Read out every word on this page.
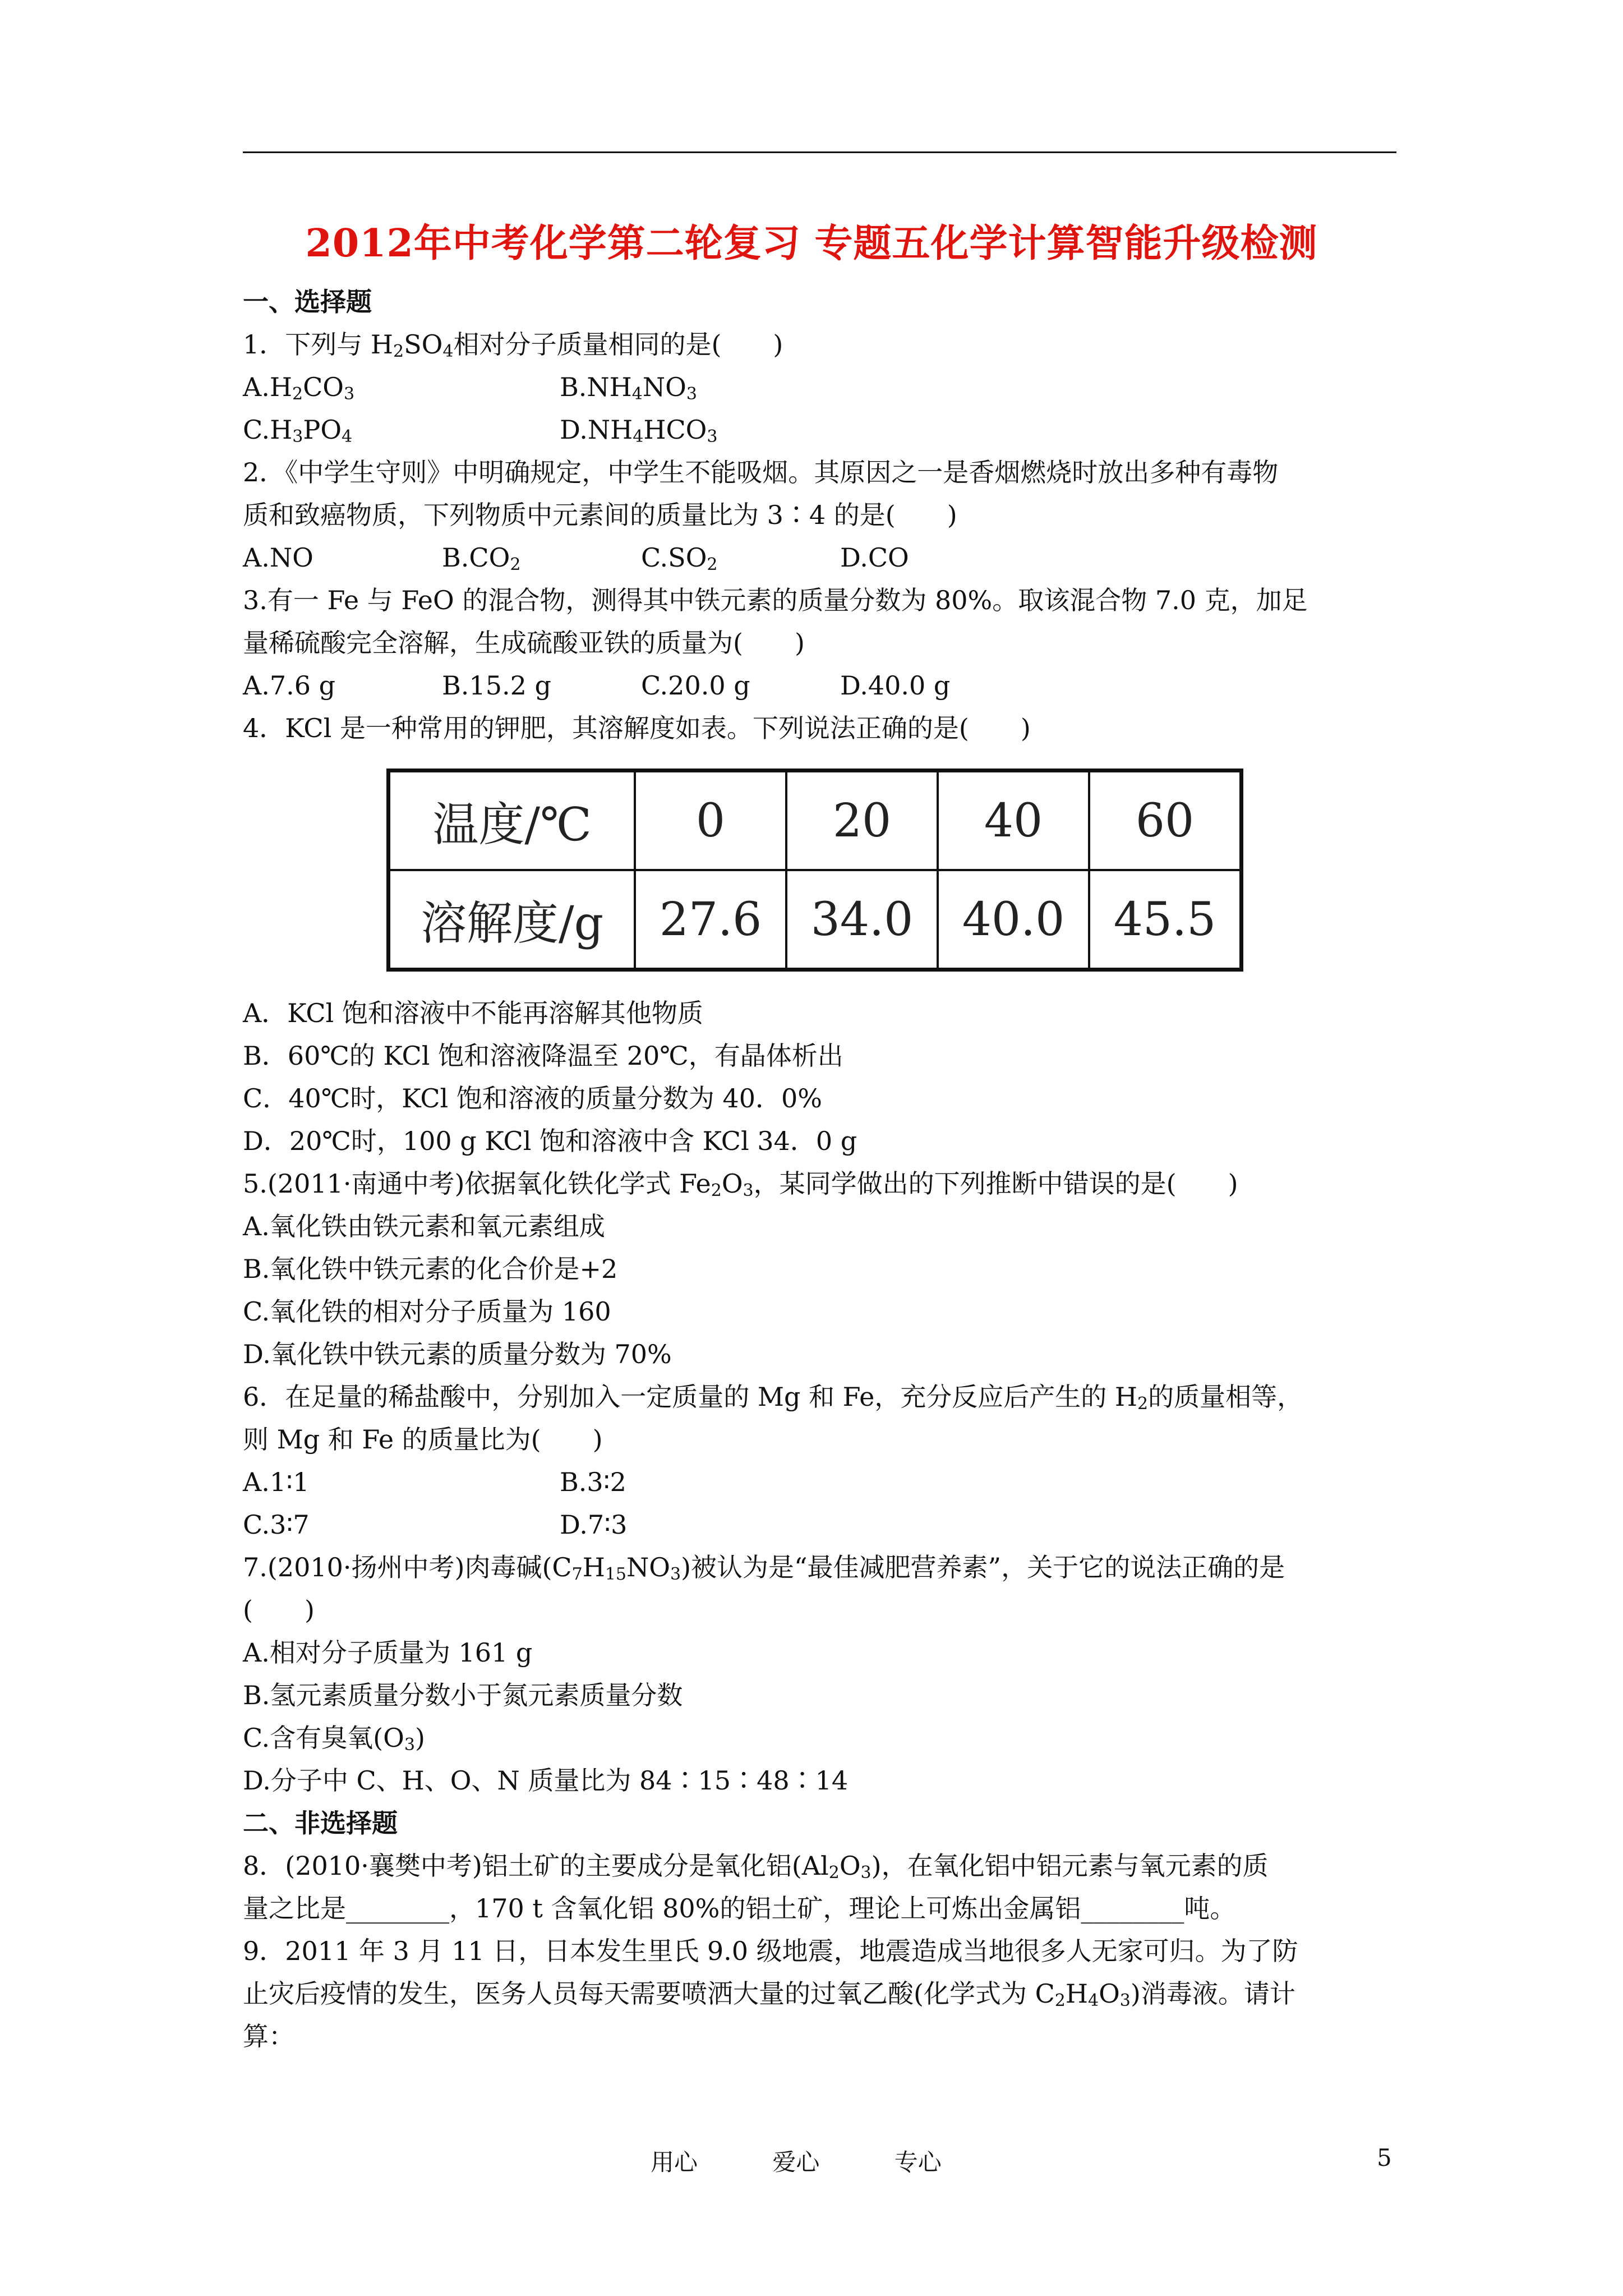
2012年中考化学第二轮复习 专题五化学计算智能升级检测
一、选择题
1．下列与 $H_2SO_4$相对分子质量相同的是(　　)
$A.H_2CO_3$	$B.NH_4NO_3$
$C.H_3PO_4$	$D.NH_4HCO_3$
2．《中学生守则》中明确规定，中学生不能吸烟。其原因之一是香烟燃烧时放出多种有毒物
质和致癌物质，下列物质中元素间的质量比为 3∶4 的是(　　)
A.NO	$B.CO_2$	$C.SO_2$	D.CO
3.有一 Fe 与 FeO 的混合物，测得其中铁元素的质量分数为 80%。取该混合物 7.0 克，加足
量稀硫酸完全溶解，生成硫酸亚铁的质量为(　　)
A.7.6 g	B.15.2 g	C.20.0 g	D.40.0 g
4．KCl 是一种常用的钾肥，其溶解度如表。下列说法正确的是(　　)
温度/℃	0	20	40	60
溶解度/g	27.6	34.0	40.0	45.5
A．KCl 饱和溶液中不能再溶解其他物质
B．60℃的 KCl 饱和溶液降温至 20℃，有晶体析出
C．40℃时，KCl 饱和溶液的质量分数为 40．0%
D．20℃时，100 g KCl 饱和溶液中含 KCl 34．0 g
5.(2011·南通中考)依据氧化铁化学式 $Fe_2O_3$，某同学做出的下列推断中错误的是(　　)
A.氧化铁由铁元素和氧元素组成
B.氧化铁中铁元素的化合价是+2
C.氧化铁的相对分子质量为 160
D.氧化铁中铁元素的质量分数为 70%
6．在足量的稀盐酸中，分别加入一定质量的 Mg 和 Fe，充分反应后产生的 $H_2$的质量相等，
则 Mg 和 Fe 的质量比为(　　)
A.1∶1	B.3∶2
C.3∶7	D.7∶3
7.(2010·扬州中考)肉毒碱$(C_7H_{15}NO_3)$被认为是“最佳减肥营养素”，关于它的说法正确的是
(　　)
A.相对分子质量为 161 g
B.氢元素质量分数小于氮元素质量分数
C.含有臭氧$(O_3)$
D.分子中 C、H、O、N 质量比为 84∶15∶48∶14
二、非选择题
8．(2010·襄樊中考)铝土矿的主要成分是氧化铝$(Al_2O_3)$，在氧化铝中铝元素与氧元素的质
量之比是________，170 t 含氧化铝 80%的铝土矿，理论上可炼出金属铝________吨。
9．2011 年 3 月 11 日，日本发生里氏 9.0 级地震，地震造成当地很多人无家可归。为了防
止灾后疫情的发生，医务人员每天需要喷洒大量的过氧乙酸(化学式为 $C_2H_4O_3$)消毒液。请计
算：
用心	爱心	专心	5
